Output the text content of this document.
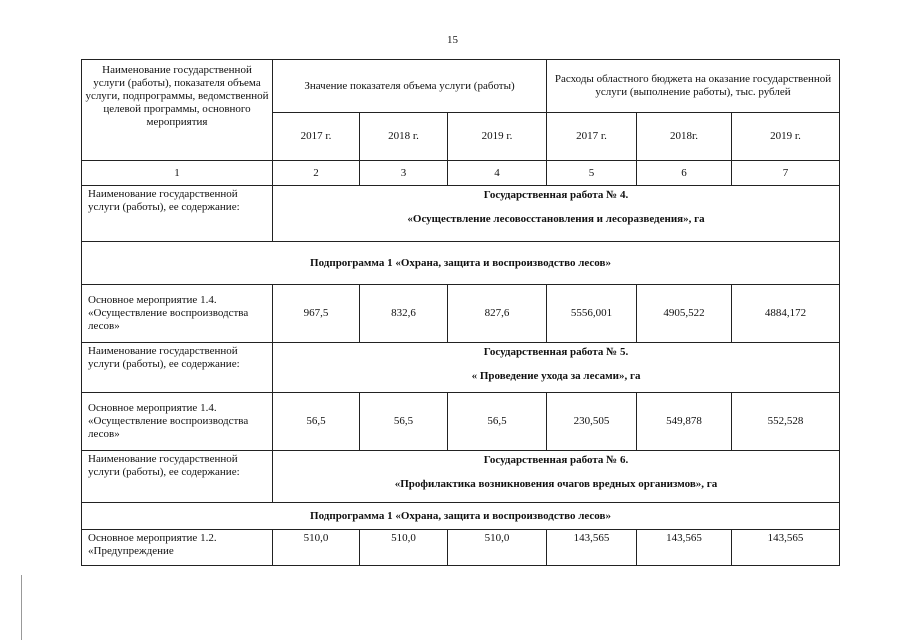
15
Наименование государственной услуги (работы), показателя объема услуги, подпрограммы, ведомственной целевой программы, основного мероприятия	Значение показателя объема услуги (работы)			Расходы областного бюджета на оказание государственной услуги (выполнение работы), тыс. рублей		
	2017 г.	2018 г.	2019 г.	2017 г.	2018г.	2019 г.
1	2	3	4	5	6	7
Наименование государственной услуги (работы), ее содержание:	Государственная работа № 4.
«Осуществление лесовосстановления и лесоразведения», га					

Подпрограмма 1 «Охрана, защита и воспроизводство лесов»						
Основное мероприятие 1.4. «Осуществление воспроизводства лесов»	967,5	832,6	827,6	5556,001	4905,522	4884,172
Наименование государственной услуги (работы), ее содержание:	Государственная работа № 5.
« Проведение ухода за лесами», га					

Основное мероприятие 1.4. «Осуществление воспроизводства лесов»	56,5	56,5	56,5	230,505	549,878	552,528
Наименование государственной услуги (работы), ее содержание:	Государственная работа № 6.
«Профилактика возникновения очагов вредных организмов», га					

Подпрограмма 1 «Охрана, защита и воспроизводство лесов»						
Основное мероприятие 1.2. «Предупреждение	510,0	510,0	510,0	143,565	143,565	143,565
